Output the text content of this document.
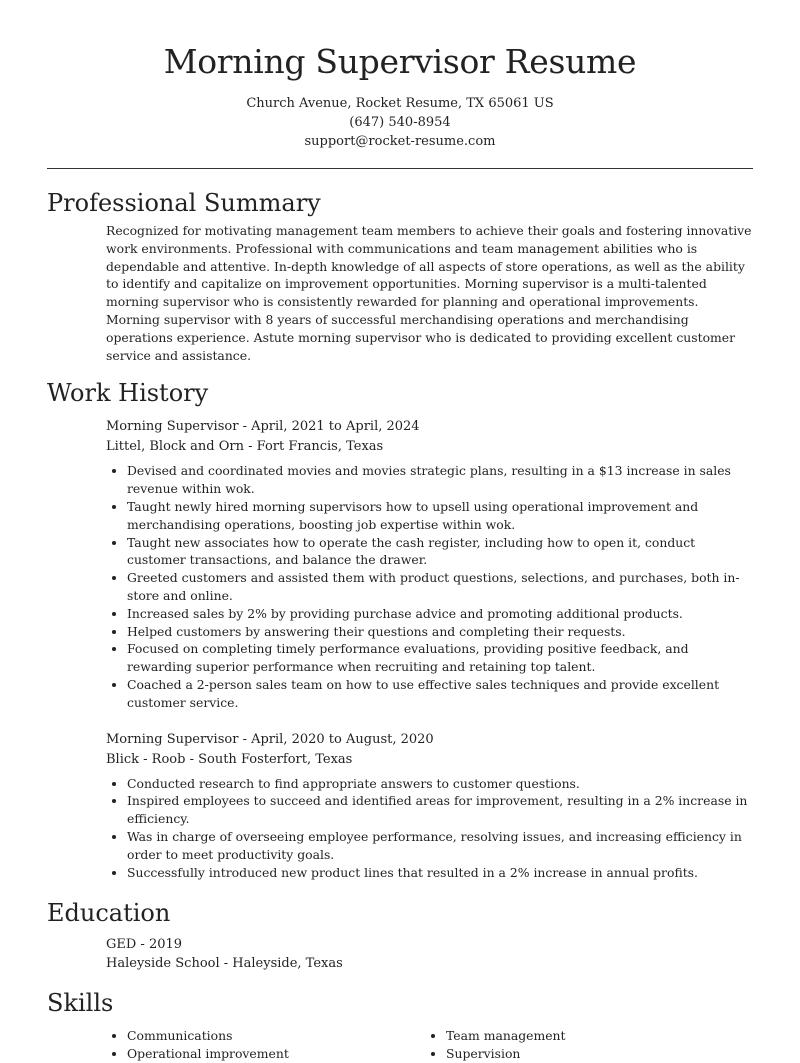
Morning Supervisor Resume
Church Avenue, Rocket Resume, TX 65061 US
(647) 540-8954
support@rocket-resume.com
Professional Summary

Recognized for motivating management team members to achieve their goals and fostering innovative work environments. Professional with communications and team management abilities who is dependable and attentive. In-depth knowledge of all aspects of store operations, as well as the ability to identify and capitalize on improvement opportunities. Morning supervisor is a multi-talented morning supervisor who is consistently rewarded for planning and operational improvements. Morning supervisor with 8 years of successful merchandising operations and merchandising operations experience. Astute morning supervisor who is dedicated to providing excellent customer service and assistance.

Work History
Morning Supervisor - April, 2021 to April, 2024
Littel, Block and Orn - Fort Francis, Texas
• Devised and coordinated movies and movies strategic plans, resulting in a $13 increase in sales revenue within wok.
• Taught newly hired morning supervisors how to upsell using operational improvement and merchandising operations, boosting job expertise within wok.
• Taught new associates how to operate the cash register, including how to open it, conduct customer transactions, and balance the drawer.
• Greeted customers and assisted them with product questions, selections, and purchases, both in-store and online.
• Increased sales by 2% by providing purchase advice and promoting additional products.
• Helped customers by answering their questions and completing their requests.
• Focused on completing timely performance evaluations, providing positive feedback, and rewarding superior performance when recruiting and retaining top talent.
• Coached a 2-person sales team on how to use effective sales techniques and provide excellent customer service.
Morning Supervisor - April, 2020 to August, 2020
Blick - Roob - South Fosterfort, Texas
• Conducted research to find appropriate answers to customer questions.
• Inspired employees to succeed and identified areas for improvement, resulting in a 2% increase in efficiency.
• Was in charge of overseeing employee performance, resolving issues, and increasing efficiency in order to meet productivity goals.
• Successfully introduced new product lines that resulted in a 2% increase in annual profits.
Education
GED - 2019
Haleyside School - Haleyside, Texas
Skills
• Communications
• Operational improvement
• Team management
• Supervision
